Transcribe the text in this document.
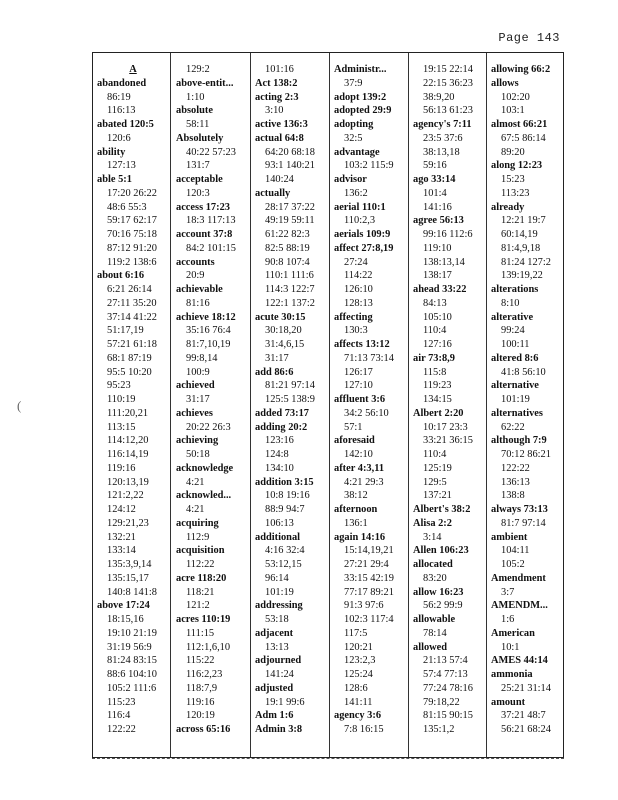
Page 143
(
A
abandoned
86:19
116:13
abated 120:5
120:6
ability
127:13
able 5:1
17:20 26:22
48:6 55:3
59:17 62:17
70:16 75:18
87:12 91:20
119:2 138:6
about 6:16
6:21 26:14
27:11 35:20
37:14 41:22
51:17,19
57:21 61:18
68:1 87:19
95:5 10:20
95:23
110:19
111:20,21
113:15
114:12,20
116:14,19
119:16
120:13,19
121:2,22
124:12
129:21,23
132:21
133:14
135:3,9,14
135:15,17
140:8 141:8
above 17:24
18:15,16
19:10 21:19
31:19 56:9
81:24 83:15
88:6 104:10
105:2 111:6
115:23
116:4
122:22
129:2
above-entit...
1:10
absolute
58:11
Absolutely
40:22 57:23
131:7
acceptable
120:3
access 17:23
18:3 117:13
account 37:8
84:2 101:15
accounts
20:9
achievable
81:16
achieve 18:12
35:16 76:4
81:7,10,19
99:8,14
100:9
achieved
31:17
achieves
20:22 26:3
achieving
50:18
acknowledge
4:21
acknowled...
4:21
acquiring
112:9
acquisition
112:22
acre 118:20
118:21
121:2
acres 110:19
111:15
112:1,6,10
115:22
116:2,23
118:7,9
119:16
120:19
across 65:16
101:16
Act 138:2
acting 2:3
3:10
active 136:3
actual 64:8
64:20 68:18
93:1 140:21
140:24
actually
28:17 37:22
49:19 59:11
61:22 82:3
82:5 88:19
90:8 107:4
110:1 111:6
114:3 122:7
122:1 137:2
acute 30:15
30:18,20
31:4,6,15
31:17
add 86:6
81:21 97:14
125:5 138:9
added 73:17
adding 20:2
123:16
124:8
134:10
addition 3:15
10:8 19:16
88:9 94:7
106:13
additional
4:16 32:4
53:12,15
96:14
101:19
addressing
53:18
adjacent
13:13
adjourned
141:24
adjusted
19:1 99:6
Adm 1:6
Admin 3:8
Administr...
37:9
adopt 139:2
adopted 29:9
adopting
32:5
advantage
103:2 115:9
advisor
136:2
aerial 110:1
110:2,3
aerials 109:9
affect 27:8,19
27:24
114:22
126:10
128:13
affecting
130:3
affects 13:12
71:13 73:14
126:17
127:10
affluent 3:6
34:2 56:10
57:1
aforesaid
142:10
after 4:3,11
4:21 29:3
38:12
afternoon
136:1
again 14:16
15:14,19,21
27:21 29:4
33:15 42:19
77:17 89:21
91:3 97:6
102:3 117:4
117:5
120:21
123:2,3
125:24
128:6
141:11
agency 3:6
7:8 16:15
19:15 22:14
22:15 36:23
38:9,20
56:13 61:23
agency's 7:11
23:5 37:6
38:13,18
59:16
ago 33:14
101:4
141:16
agree 56:13
99:16 112:6
119:10
138:13,14
138:17
ahead 33:22
84:13
105:10
110:4
127:16
air 73:8,9
115:8
119:23
134:15
Albert 2:20
10:17 23:3
33:21 36:15
110:4
125:19
129:5
137:21
Albert's 38:2
Alisa 2:2
3:14
Allen 106:23
allocated
83:20
allow 16:23
56:2 99:9
allowable
78:14
allowed
21:13 57:4
57:4 77:13
77:24 78:16
79:18,22
81:15 90:15
135:1,2
allowing 66:2
allows
102:20
103:1
almost 66:21
67:5 86:14
89:20
along 12:23
15:23
113:23
already
12:21 19:7
60:14,19
81:4,9,18
81:24 127:2
139:19,22
alterations
8:10
alterative
99:24
100:11
altered 8:6
41:8 56:10
alternative
101:19
alternatives
62:22
although 7:9
70:12 86:21
122:22
136:13
138:8
always 73:13
81:7 97:14
ambient
104:11
105:2
Amendment
3:7
AMENDM...
1:6
American
10:1
AMES 44:14
ammonia
25:21 31:14
amount
37:21 48:7
56:21 68:24
